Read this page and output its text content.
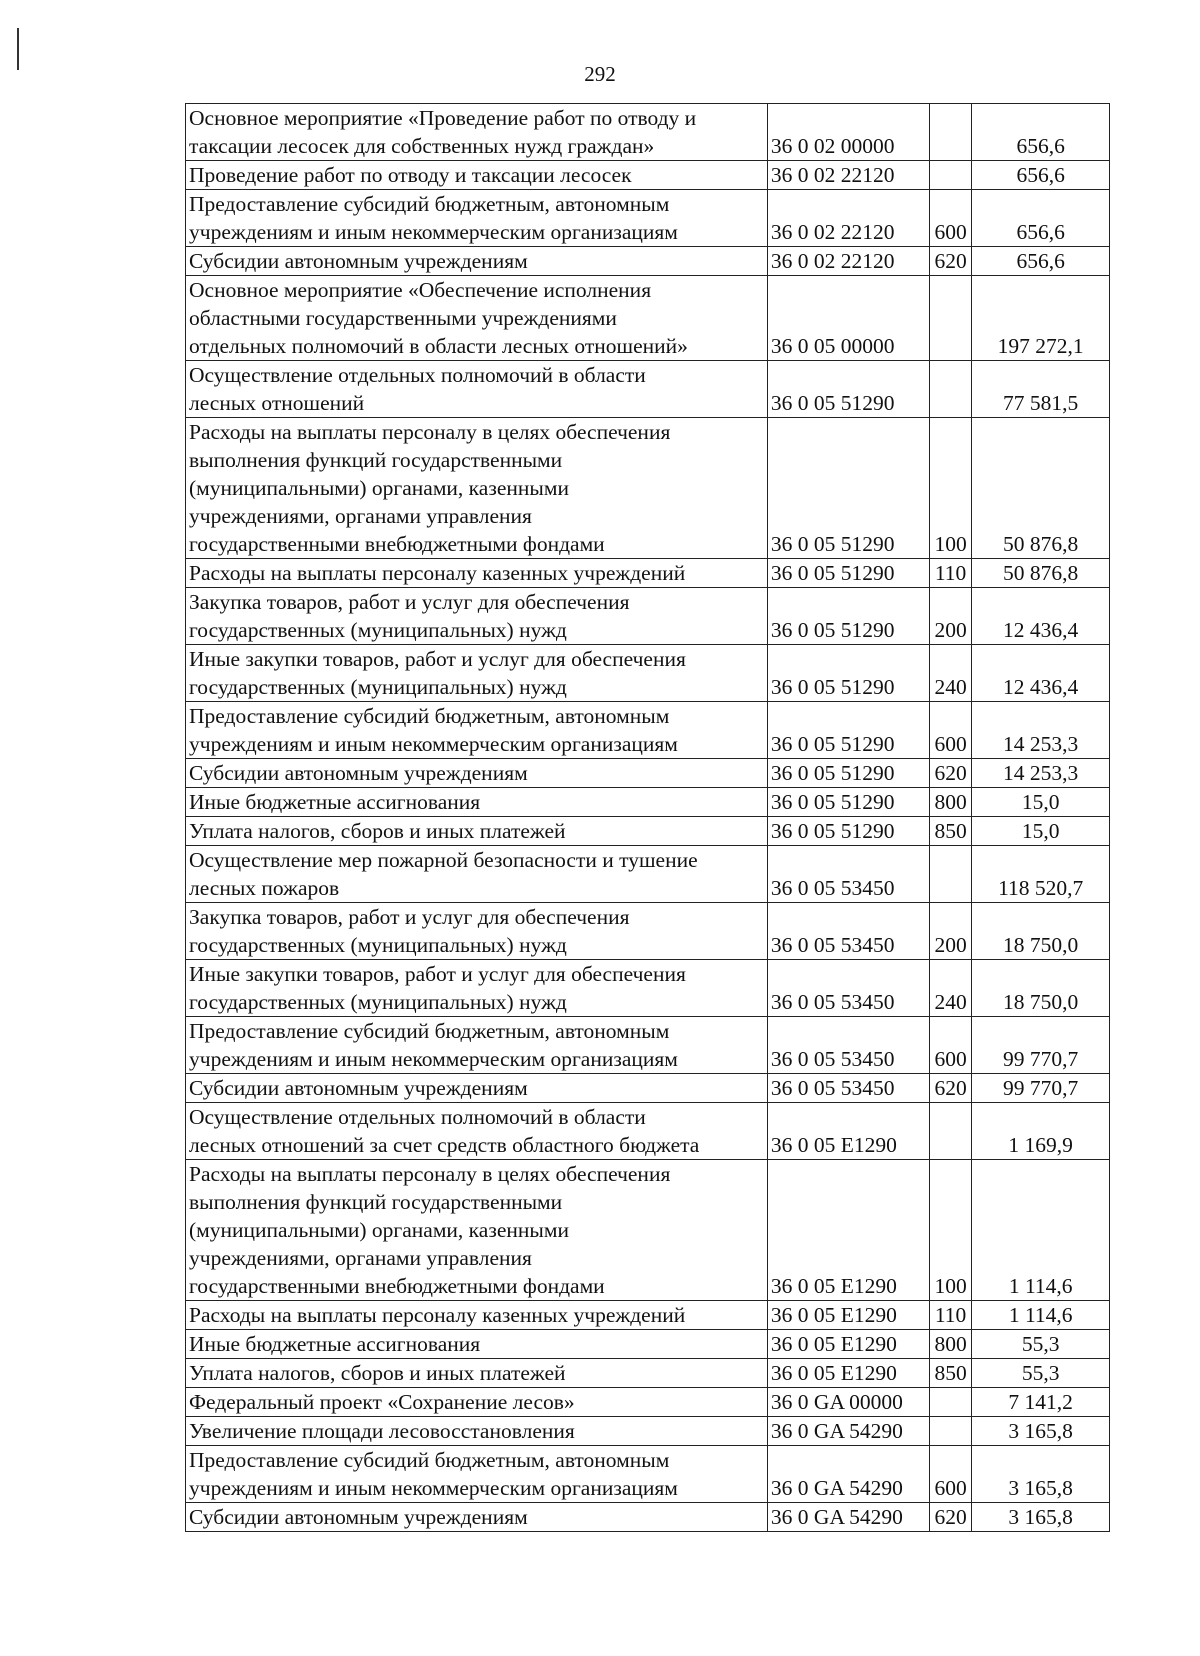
292
Основное мероприятие «Проведение работ по отводу и
таксации лесосек для собственных нужд граждан»	36 0 02 00000		656,6
Проведение работ по отводу и таксации лесосек	36 0 02 22120		656,6
Предоставление субсидий бюджетным, автономным
учреждениям и иным некоммерческим организациям	36 0 02 22120	600	656,6
Субсидии автономным учреждениям	36 0 02 22120	620	656,6
Основное мероприятие «Обеспечение исполнения
областными государственными учреждениями
отдельных полномочий в области лесных отношений»	36 0 05 00000		197 272,1
Осуществление отдельных полномочий в области
лесных отношений	36 0 05 51290		77 581,5
Расходы на выплаты персоналу в целях обеспечения
выполнения функций государственными
(муниципальными) органами, казенными
учреждениями, органами управления
государственными внебюджетными фондами	36 0 05 51290	100	50 876,8
Расходы на выплаты персоналу казенных учреждений	36 0 05 51290	110	50 876,8
Закупка товаров, работ и услуг для обеспечения
государственных (муниципальных) нужд	36 0 05 51290	200	12 436,4
Иные закупки товаров, работ и услуг для обеспечения
государственных (муниципальных) нужд	36 0 05 51290	240	12 436,4
Предоставление субсидий бюджетным, автономным
учреждениям и иным некоммерческим организациям	36 0 05 51290	600	14 253,3
Субсидии автономным учреждениям	36 0 05 51290	620	14 253,3
Иные бюджетные ассигнования	36 0 05 51290	800	15,0
Уплата налогов, сборов и иных платежей	36 0 05 51290	850	15,0
Осуществление мер пожарной безопасности и тушение
лесных пожаров	36 0 05 53450		118 520,7
Закупка товаров, работ и услуг для обеспечения
государственных (муниципальных) нужд	36 0 05 53450	200	18 750,0
Иные закупки товаров, работ и услуг для обеспечения
государственных (муниципальных) нужд	36 0 05 53450	240	18 750,0
Предоставление субсидий бюджетным, автономным
учреждениям и иным некоммерческим организациям	36 0 05 53450	600	99 770,7
Субсидии автономным учреждениям	36 0 05 53450	620	99 770,7
Осуществление отдельных полномочий в области
лесных отношений за счет средств областного бюджета	36 0 05 Е1290		1 169,9
Расходы на выплаты персоналу в целях обеспечения
выполнения функций государственными
(муниципальными) органами, казенными
учреждениями, органами управления
государственными внебюджетными фондами	36 0 05 Е1290	100	1 114,6
Расходы на выплаты персоналу казенных учреждений	36 0 05 Е1290	110	1 114,6
Иные бюджетные ассигнования	36 0 05 Е1290	800	55,3
Уплата налогов, сборов и иных платежей	36 0 05 Е1290	850	55,3
Федеральный проект «Сохранение лесов»	36 0 GA 00000		7 141,2
Увеличение площади лесовосстановления	36 0 GA 54290		3 165,8
Предоставление субсидий бюджетным, автономным
учреждениям и иным некоммерческим организациям	36 0 GA 54290	600	3 165,8
Субсидии автономным учреждениям	36 0 GA 54290	620	3 165,8
